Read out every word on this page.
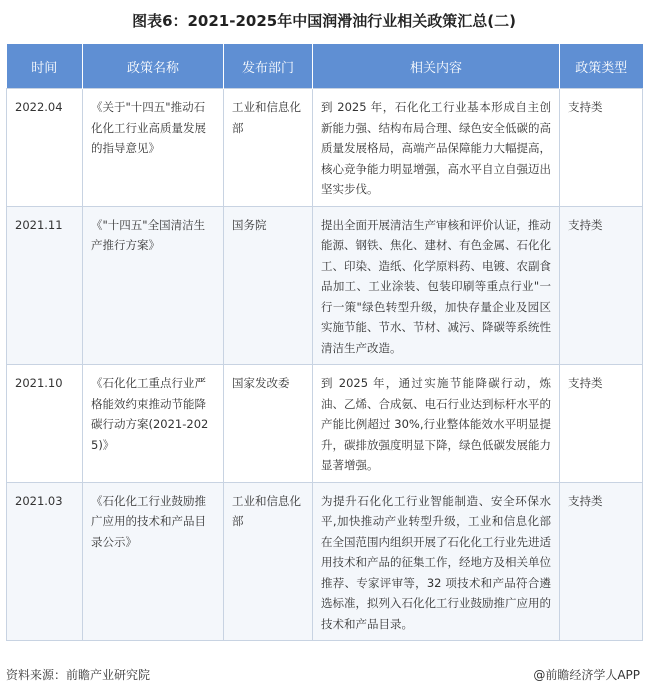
图表6：2021-2025年中国润滑油行业相关政策汇总(二)
时间	政策名称	发布部门	相关内容	政策类型
2022.04	《关于"十四五"推动石化化工行业高质量发展的指导意见》	工业和信息化部	到 2025 年，石化化工行业基本形成自主创新能力强、结构布局合理、绿色安全低碳的高质量发展格局，高端产品保障能力大幅提高，核心竞争能力明显增强，高水平自立自强迈出坚实步伐。	支持类
2021.11	《"十四五"全国清洁生产推行方案》	国务院	提出全面开展清洁生产审核和评价认证，推动能源、钢铁、焦化、建材、有色金属、石化化工、印染、造纸、化学原料药、电镀、农副食品加工、工业涂装、包装印刷等重点行业"一行一策"绿色转型升级，加快存量企业及园区实施节能、节水、节材、减污、降碳等系统性清洁生产改造。	支持类
2021.10	《石化化工重点行业严格能效约束推动节能降碳行动方案(2021-2025)》	国家发改委	到 2025 年，通过实施节能降碳行动，炼油、乙烯、合成氨、电石行业达到标杆水平的产能比例超过 30%,行业整体能效水平明显提升，碳排放强度明显下降，绿色低碳发展能力显著增强。	支持类
2021.03	《石化化工行业鼓励推广应用的技术和产品目录公示》	工业和信息化部	为提升石化化工行业智能制造、安全环保水平,加快推动产业转型升级，工业和信息化部在全国范围内组织开展了石化化工行业先进适用技术和产品的征集工作，经地方及相关单位推荐、专家评审等，32 项技术和产品符合遴选标准，拟列入石化化工行业鼓励推广应用的技术和产品目录。	支持类
资料来源：前瞻产业研究院	@前瞻经济学人APP
